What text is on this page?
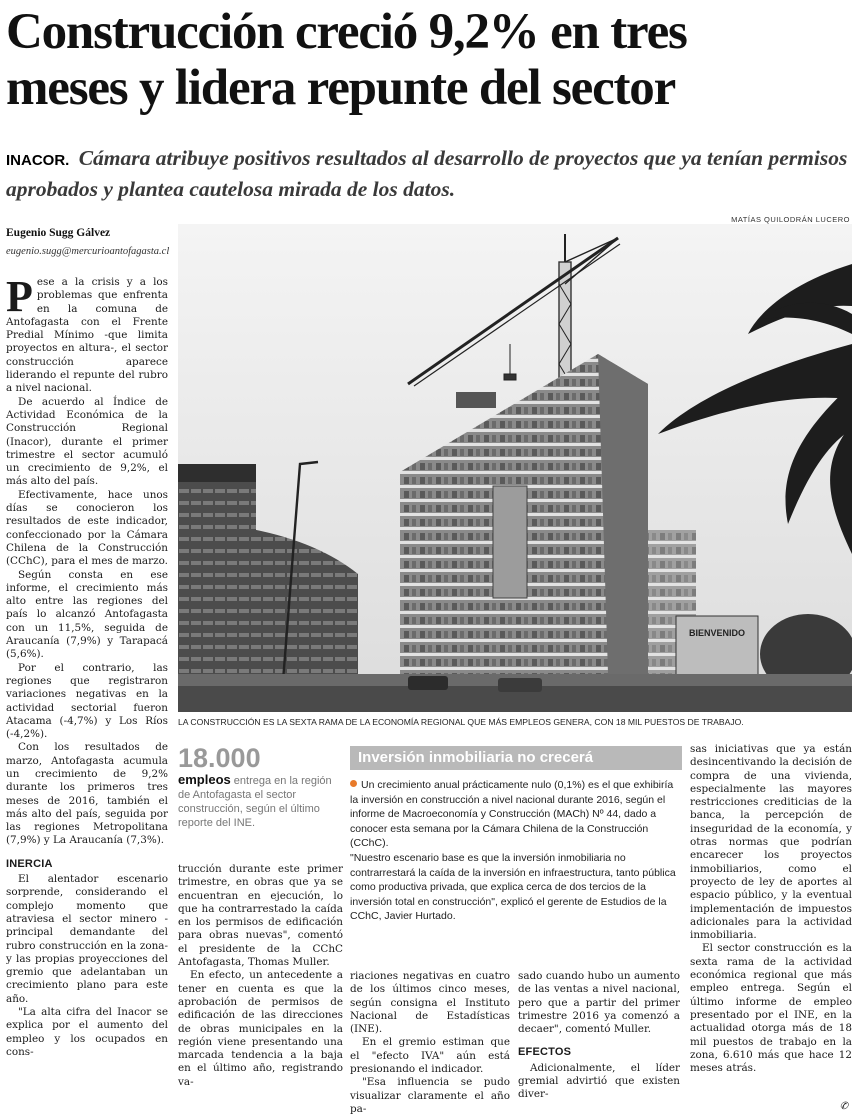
Construcción creció 9,2% en tres
meses y lidera repunte del sector

INACOR. Cámara atribuye positivos resultados al desarrollo de proyectos que ya tenían permisos aprobados y plantea cautelosa mirada de los datos.

Eugenio Sugg Gálvez
eugenio.sugg@mercurioantofagasta.cl
MATÍAS QUILODRÁN LUCERO
BIENVENIDO
LA CONSTRUCCIÓN ES LA SEXTA RAMA DE LA ECONOMÍA REGIONAL QUE MÁS EMPLEOS GENERA, CON 18 MIL PUESTOS DE TRABAJO.

Pese a la crisis y a los problemas que enfrenta en la comuna de Antofagasta con el Frente Predial Mínimo -que limita proyectos en altura-, el sector construcción aparece liderando el repunte del rubro a nivel nacional.

De acuerdo al Índice de Actividad Económica de la Construcción Regional (Inacor), durante el primer trimestre el sector acumuló un crecimiento de 9,2%, el más alto del país.

Efectivamente, hace unos días se conocieron los resultados de este indicador, confeccionado por la Cámara Chilena de la Construcción (CChC), para el mes de marzo.

Según consta en ese informe, el crecimiento más alto entre las regiones del país lo alcanzó Antofagasta con un 11,5%, seguida de Araucanía (7,9%) y Tarapacá (5,6%).

Por el contrario, las regiones que registraron variaciones negativas en la actividad sectorial fueron Atacama (-4,7%) y Los Ríos (-4,2%).

Con los resultados de marzo, Antofagasta acumula un crecimiento de 9,2% durante los primeros tres meses de 2016, también el más alto del país, seguida por las regiones Metropolitana (7,9%) y La Araucanía (7,3%).

INERCIA

El alentador escenario sorprende, considerando el complejo momento que atraviesa el sector minero -principal demandante del rubro construcción en la zona- y las propias proyecciones del gremio que adelantaban un crecimiento plano para este año.

"La alta cifra del Inacor se explica por el aumento del empleo y los ocupados en cons-

18.000
empleos entrega en la región de Antofagasta el sector construcción, según el último reporte del INE.

trucción durante este primer trimestre, en obras que ya se encuentran en ejecución, lo que ha contrarrestado la caída en los permisos de edificación para obras nuevas", comentó el presidente de la CChC Antofagasta, Thomas Muller.

En efecto, un antecedente a tener en cuenta es que la aprobación de permisos de edificación de las direcciones de obras municipales en la región viene presentando una marcada tendencia a la baja en el último año, registrando va-

Inversión inmobiliaria no crecerá

Un crecimiento anual prácticamente nulo (0,1%) es el que exhibiría la inversión en construcción a nivel nacional durante 2016, según el informe de Macroeconomía y Construcción (MACh) Nº 44, dado a conocer esta semana por la Cámara Chilena de la Construcción (CChC).

"Nuestro escenario base es que la inversión inmobiliaria no contrarrestará la caída de la inversión en infraestructura, tanto pública como productiva privada, que explica cerca de dos tercios de la inversión total en construcción", explicó el gerente de Estudios de la CChC, Javier Hurtado.

riaciones negativas en cuatro de los últimos cinco meses, según consigna el Instituto Nacional de Estadísticas (INE).

En el gremio estiman que el "efecto IVA" aún está presionando el indicador.

"Esa influencia se pudo visualizar claramente el año pa-

sado cuando hubo un aumento de las ventas a nivel nacional, pero que a partir del primer trimestre 2016 ya comenzó a decaer", comentó Muller.

EFECTOS

Adicionalmente, el líder gremial advirtió que existen diver-

sas iniciativas que ya están desincentivando la decisión de compra de una vivienda, especialmente las mayores restricciones crediticias de la banca, la percepción de inseguridad de la economía, y otras normas que podrían encarecer los proyectos inmobiliarios, como el proyecto de ley de aportes al espacio público, y la eventual implementación de impuestos adicionales para la actividad inmobiliaria.

El sector construcción es la sexta rama de la actividad económica regional que más empleo entrega. Según el último informe de empleo presentado por el INE, en la actualidad otorga más de 18 mil puestos de trabajo en la zona, 6.610 más que hace 12 meses atrás.

✆
